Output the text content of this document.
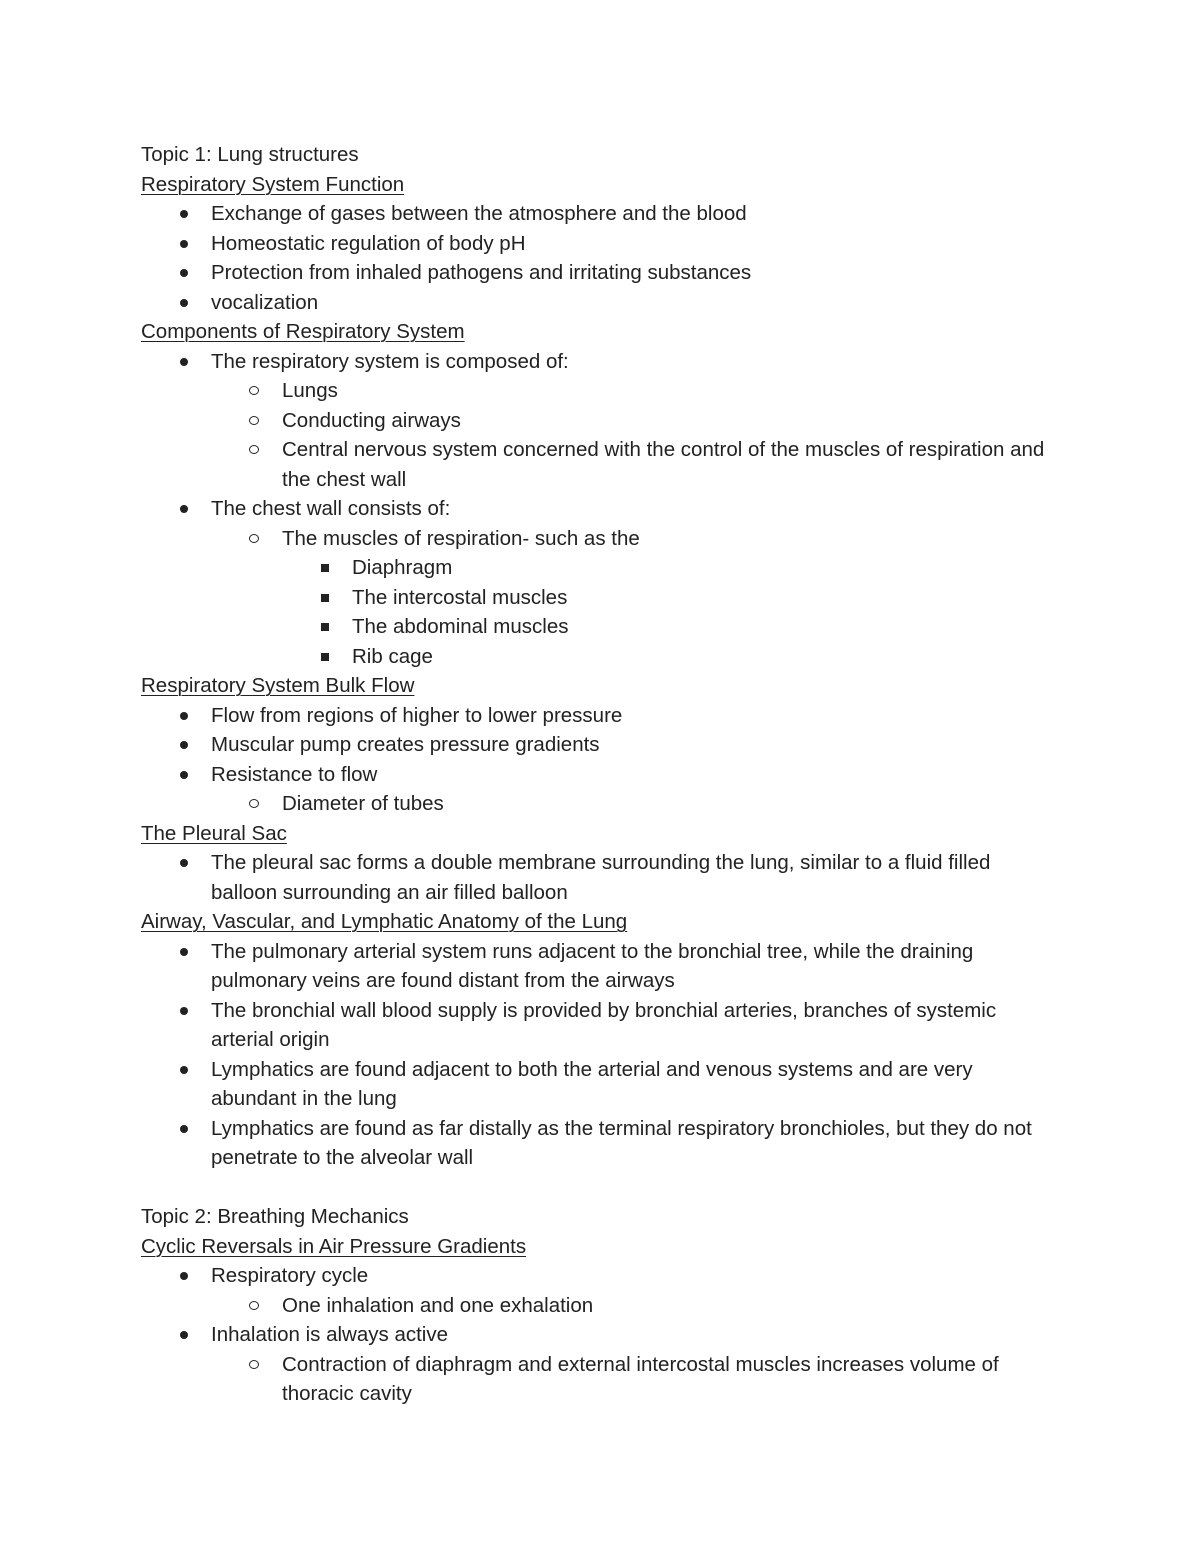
Topic 1: Lung structures
Respiratory System Function
Exchange of gases between the atmosphere and the blood
Homeostatic regulation of body pH
Protection from inhaled pathogens and irritating substances
vocalization
Components of Respiratory System
The respiratory system is composed of:
Lungs
Conducting airways
Central nervous system concerned with the control of the muscles of respiration and the chest wall
The chest wall consists of:
The muscles of respiration- such as the
Diaphragm
The intercostal muscles
The abdominal muscles
Rib cage
Respiratory System Bulk Flow
Flow from regions of higher to lower pressure
Muscular pump creates pressure gradients
Resistance to flow
Diameter of tubes
The Pleural Sac
The pleural sac forms a double membrane surrounding the lung, similar to a fluid filled balloon surrounding an air filled balloon
Airway, Vascular, and Lymphatic Anatomy of the Lung
The pulmonary arterial system runs adjacent to the bronchial tree, while the draining pulmonary veins are found distant from the airways
The bronchial wall blood supply is provided by bronchial arteries, branches of systemic arterial origin
Lymphatics are found adjacent to both the arterial and venous systems and are very abundant in the lung
Lymphatics are found as far distally as the terminal respiratory bronchioles, but they do not penetrate to the alveolar wall
Topic 2: Breathing Mechanics
Cyclic Reversals in Air Pressure Gradients
Respiratory cycle
One inhalation and one exhalation
Inhalation is always active
Contraction of diaphragm and external intercostal muscles increases volume of thoracic cavity
